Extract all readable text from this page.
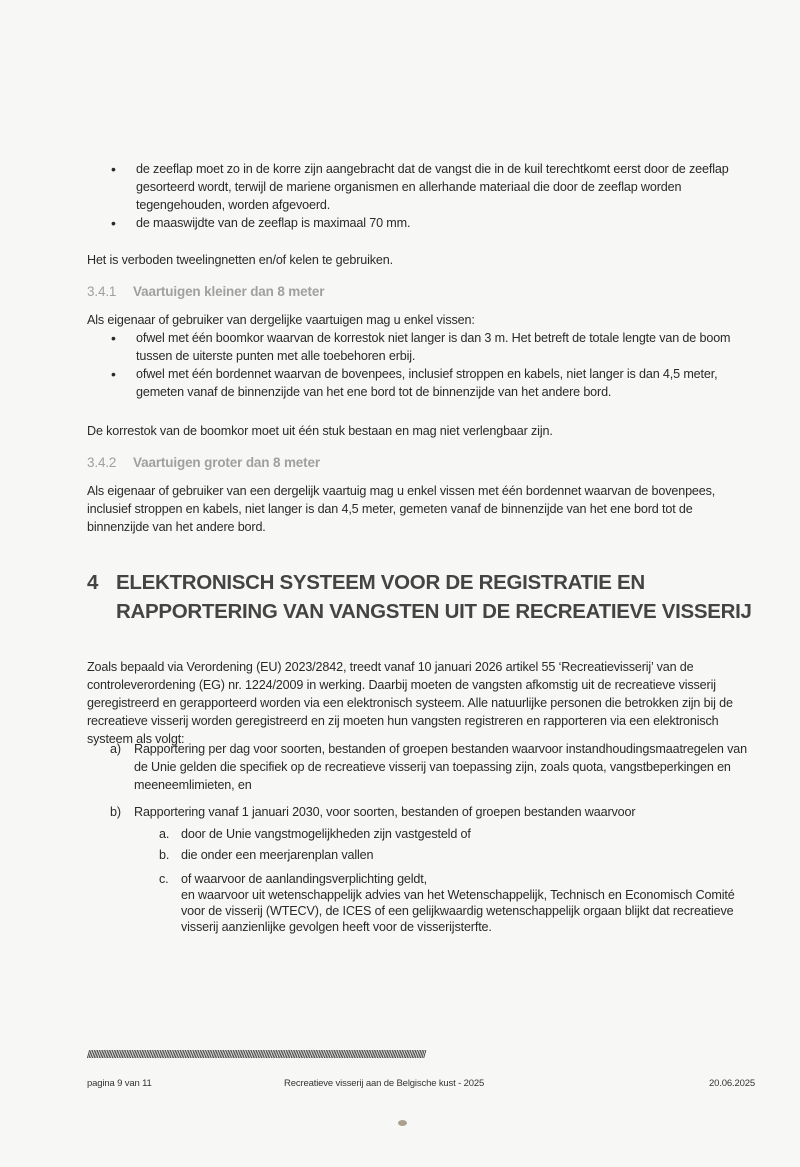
• de zeeflap moet zo in de korre zijn aangebracht dat de vangst die in de kuil terechtkomt eerst door de zeeflap gesorteerd wordt, terwijl de mariene organismen en allerhande materiaal die door de zeeflap worden tegengehouden, worden afgevoerd.
• de maaswijdte van de zeeflap is maximaal 70 mm.

Het is verboden tweelingnetten en/of kelen te gebruiken.

3.4.1 Vaartuigen kleiner dan 8 meter

Als eigenaar of gebruiker van dergelijke vaartuigen mag u enkel vissen:

• ofwel met één boomkor waarvan de korrestok niet langer is dan 3 m. Het betreft de totale lengte van de boom tussen de uiterste punten met alle toebehoren erbij.
• ofwel met één bordennet waarvan de bovenpees, inclusief stroppen en kabels, niet langer is dan 4,5 meter, gemeten vanaf de binnenzijde van het ene bord tot de binnenzijde van het andere bord.

De korrestok van de boomkor moet uit één stuk bestaan en mag niet verlengbaar zijn.

3.4.2 Vaartuigen groter dan 8 meter

Als eigenaar of gebruiker van een dergelijk vaartuig mag u enkel vissen met één bordennet waarvan de bovenpees, inclusief stroppen en kabels, niet langer is dan 4,5 meter, gemeten vanaf de binnenzijde van het ene bord tot de binnenzijde van het andere bord.

4 ELEKTRONISCH SYSTEEM VOOR DE REGISTRATIE EN
RAPPORTERING VAN VANGSTEN UIT DE RECREATIEVE VISSERIJ

Zoals bepaald via Verordening (EU) 2023/2842, treedt vanaf 10 januari 2026 artikel 55 ‘Recreatievisserij’ van de controleverordening (EG) nr. 1224/2009 in werking. Daarbij moeten de vangsten afkomstig uit de recreatieve visserij geregistreerd en gerapporteerd worden via een elektronisch systeem. Alle natuurlijke personen die betrokken zijn bij de recreatieve visserij worden geregistreerd en zij moeten hun vangsten registreren en rapporteren via een elektronisch systeem als volgt:

a) Rapportering per dag voor soorten, bestanden of groepen bestanden waarvoor instandhoudingsmaatregelen van de Unie gelden die specifiek op de recreatieve visserij van toepassing zijn, zoals quota, vangstbeperkingen en meeneemlimieten, en
b) Rapportering vanaf 1 januari 2030, voor soorten, bestanden of groepen bestanden waarvoor
a. door de Unie vangstmogelijkheden zijn vastgesteld of
b. die onder een meerjarenplan vallen
c. of waarvoor de aanlandingsverplichting geldt,
en waarvoor uit wetenschappelijk advies van het Wetenschappelijk, Technisch en Economisch Comité voor de visserij (WTECV), de ICES of een gelijkwaardig wetenschappelijk orgaan blijkt dat recreatieve visserij aanzienlijke gevolgen heeft voor de visserijsterfte.
////////////////////////////////////////////////////////////////////////////////////////////////////////////////////////////////////////////////////////////////////////////////////////////////////////////
pagina 9 van 11	Recreatieve visserij aan de Belgische kust - 2025	20.06.2025
